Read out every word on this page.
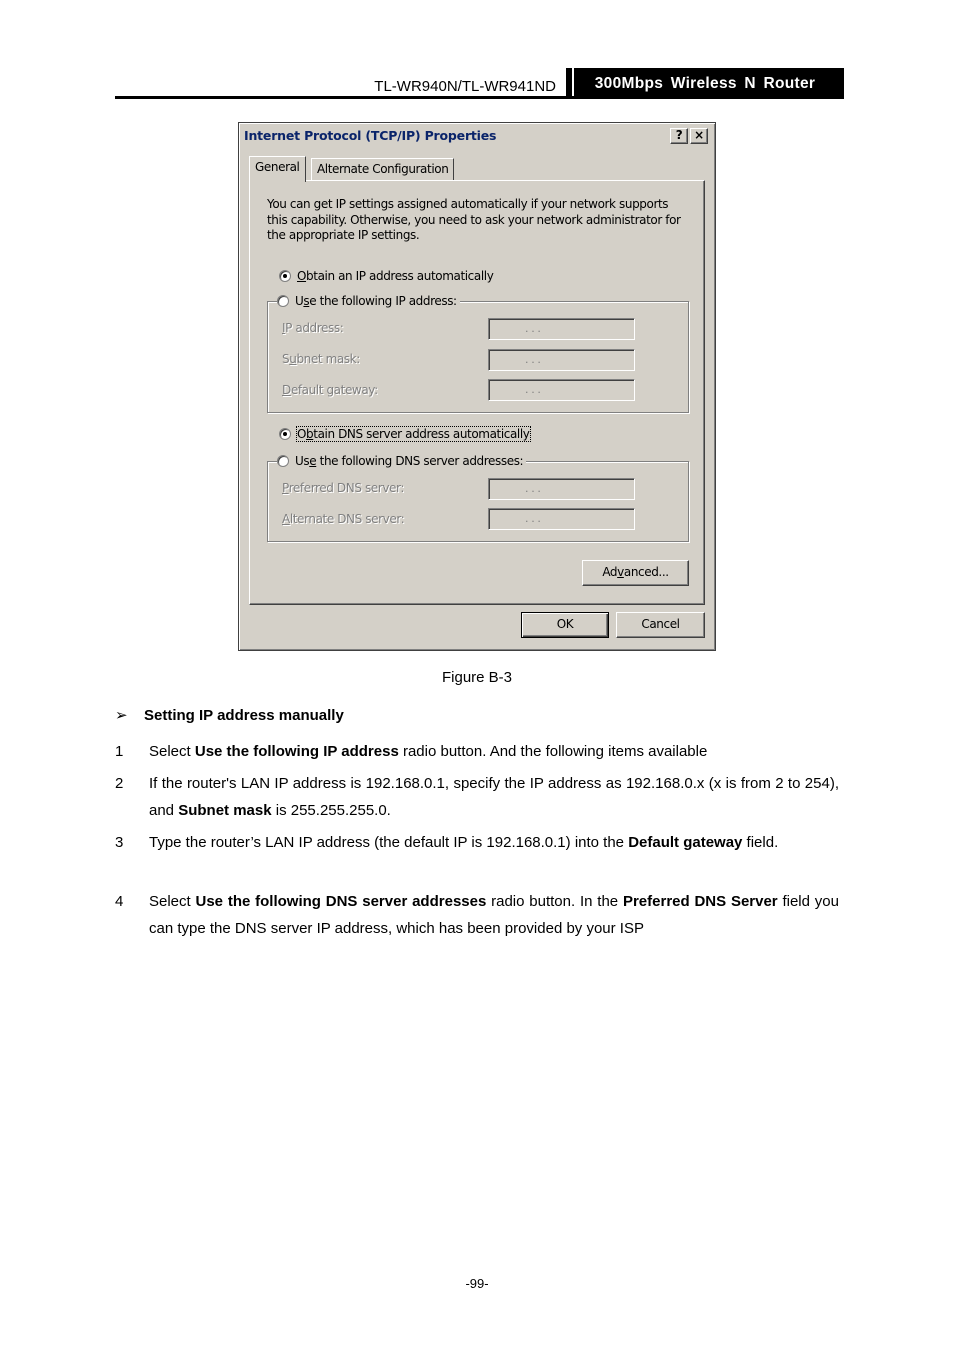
TL-WR940N/TL-WR941ND 300Mbps Wireless N Router
Internet Protocol (TCP/IP) Properties	? ×
General	Alternate Configuration
You can get IP settings assigned automatically if your network supports this capability. Otherwise, you need to ask your network administrator for the appropriate IP settings.
Obtain an IP address automatically
Use the following IP address:
IP address:	. . .
Subnet mask:	. . .
Default gateway:	. . .
Obtain DNS server address automatically
Use the following DNS server addresses:
Preferred DNS server:	. . .
Alternate DNS server:	. . .
Advanced...
OK	Cancel
Figure B-3
➢ Setting IP address manually
1 Select Use the following IP address radio button. And the following items available
2 If the router's LAN IP address is 192.168.0.1, specify the IP address as 192.168.0.x (x is from 2 to 254), and Subnet mask is 255.255.255.0.
3 Type the router’s LAN IP address (the default IP is 192.168.0.1) into the Default gateway field.
4 Select Use the following DNS server addresses radio button. In the Preferred DNS Server field you can type the DNS server IP address, which has been provided by your ISP
-99-
